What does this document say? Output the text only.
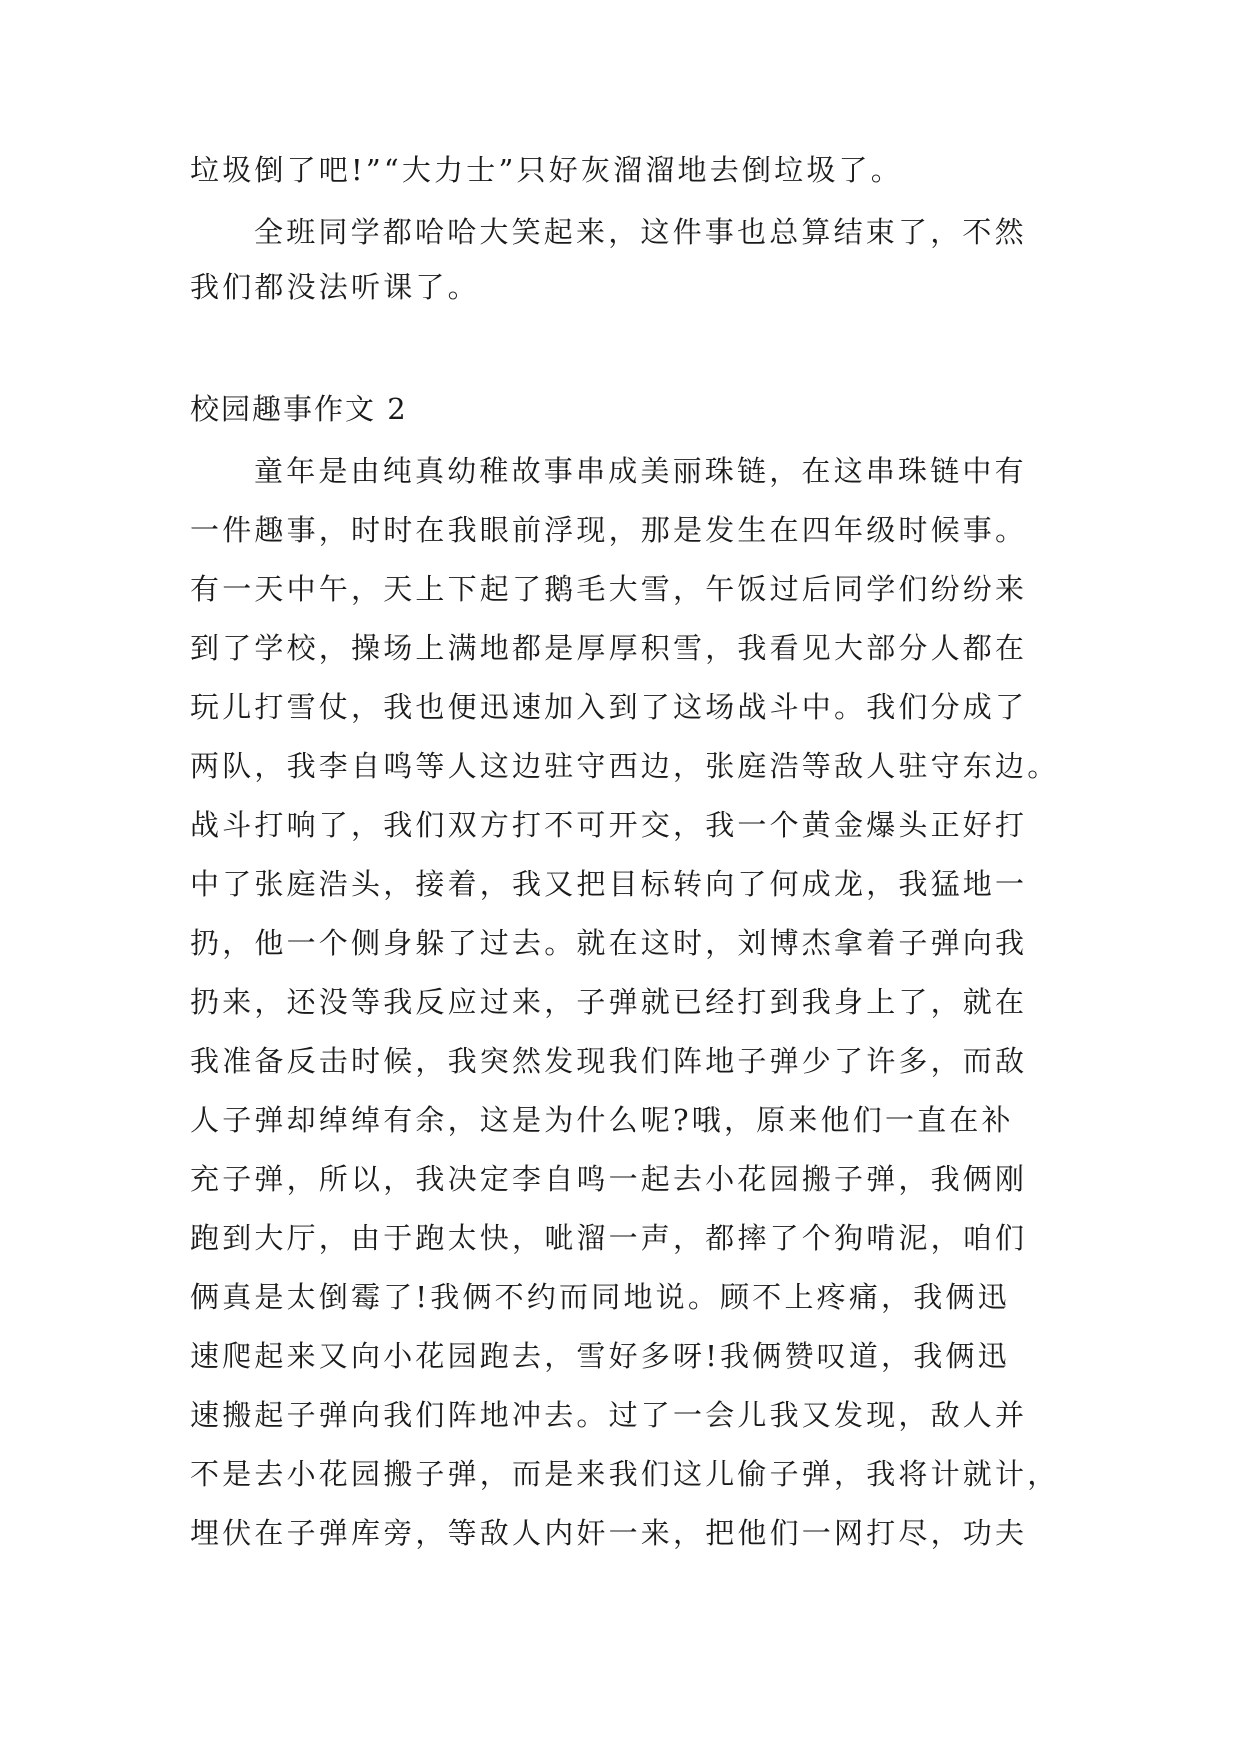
垃圾倒了吧!”“大力士”只好灰溜溜地去倒垃圾了。
全班同学都哈哈大笑起来，这件事也总算结束了，不然
我们都没法听课了。
校园趣事作文 2
童年是由纯真幼稚故事串成美丽珠链，在这串珠链中有
一件趣事，时时在我眼前浮现，那是发生在四年级时候事。
有一天中午，天上下起了鹅毛大雪，午饭过后同学们纷纷来
到了学校，操场上满地都是厚厚积雪，我看见大部分人都在
玩儿打雪仗，我也便迅速加入到了这场战斗中。我们分成了
两队，我李自鸣等人这边驻守西边，张庭浩等敌人驻守东边。
战斗打响了，我们双方打不可开交，我一个黄金爆头正好打
中了张庭浩头，接着，我又把目标转向了何成龙，我猛地一
扔，他一个侧身躲了过去。就在这时，刘博杰拿着子弹向我
扔来，还没等我反应过来，子弹就已经打到我身上了，就在
我准备反击时候，我突然发现我们阵地子弹少了许多，而敌
人子弹却绰绰有余，这是为什么呢?哦，原来他们一直在补
充子弹，所以，我决定李自鸣一起去小花园搬子弹，我俩刚
跑到大厅，由于跑太快，呲溜一声，都摔了个狗啃泥，咱们
俩真是太倒霉了!我俩不约而同地说。顾不上疼痛，我俩迅
速爬起来又向小花园跑去，雪好多呀!我俩赞叹道，我俩迅
速搬起子弹向我们阵地冲去。过了一会儿我又发现，敌人并
不是去小花园搬子弹，而是来我们这儿偷子弹，我将计就计，
埋伏在子弹库旁，等敌人内奸一来，把他们一网打尽，功夫
